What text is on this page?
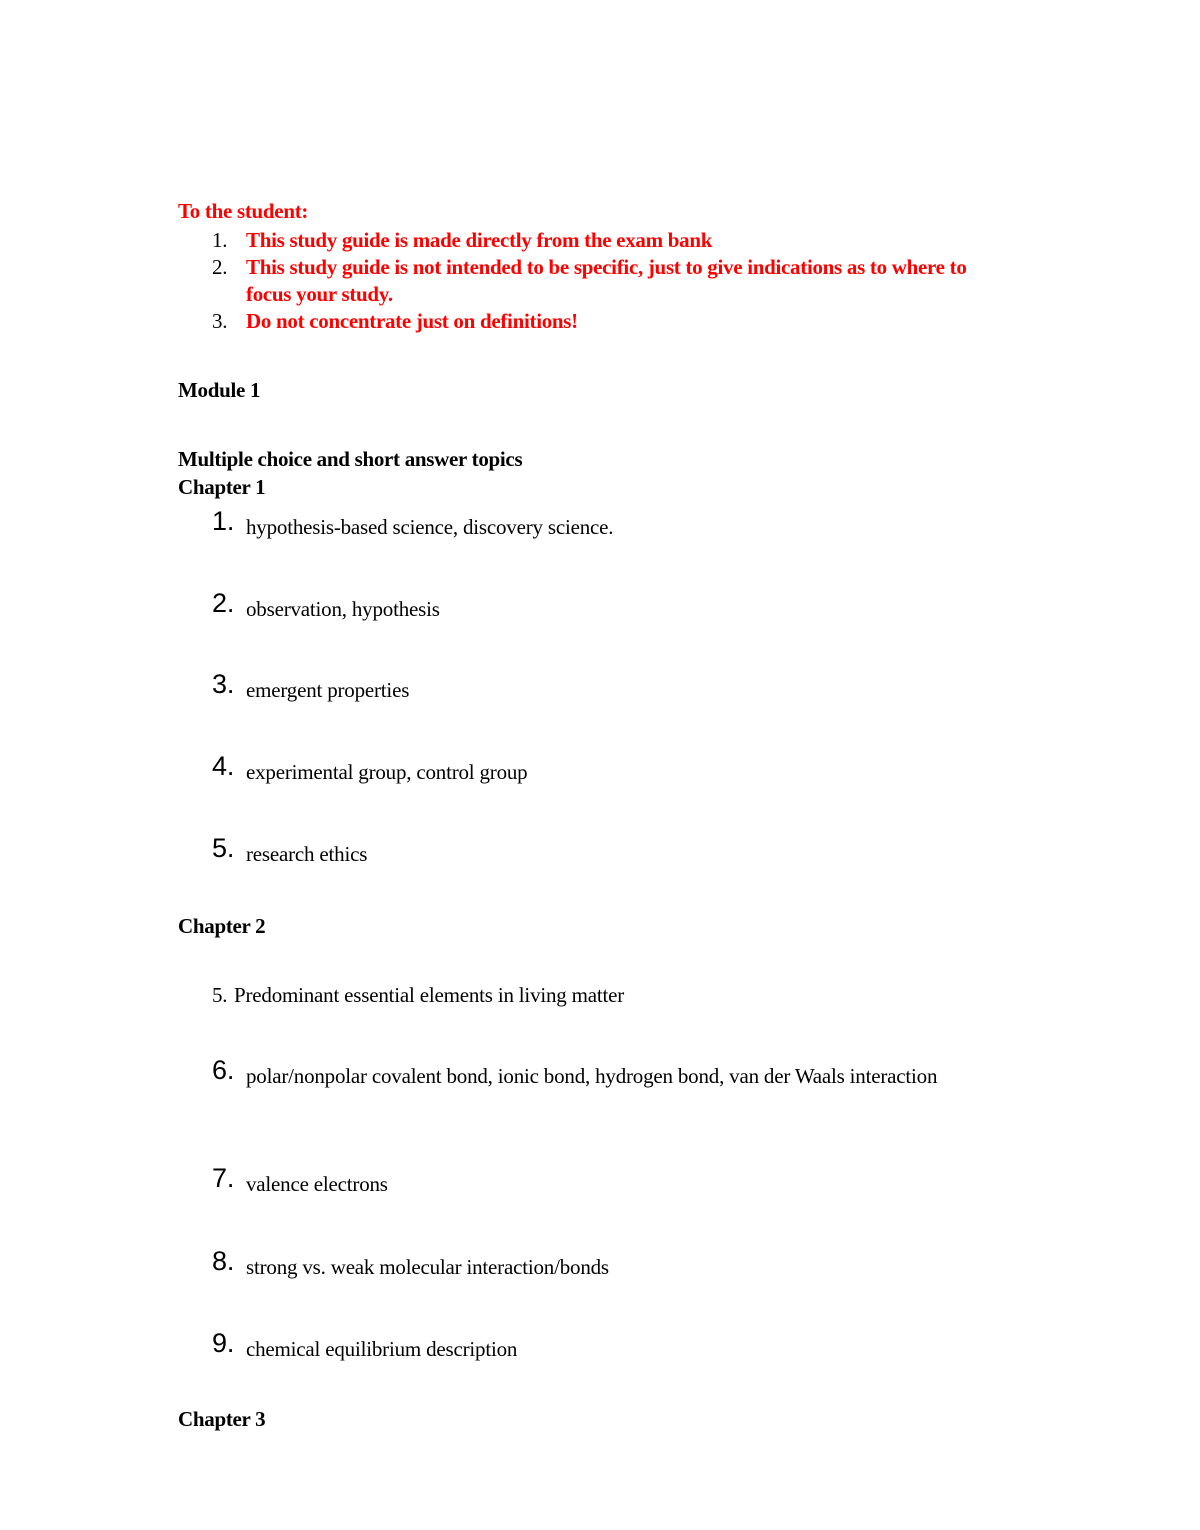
To the student:
1. This study guide is made directly from the exam bank
2. This study guide is not intended to be specific, just to give indications as to where to focus your study.
3. Do not concentrate just on definitions!
Module 1
Multiple choice and short answer topics
Chapter 1
1. hypothesis-based science, discovery science.
2. observation, hypothesis
3. emergent properties
4. experimental group, control group
5. research ethics
Chapter 2
5. Predominant essential elements in living matter
6. polar/nonpolar covalent bond, ionic bond, hydrogen bond, van der Waals interaction
7. valence electrons
8. strong vs. weak molecular interaction/bonds
9. chemical equilibrium description
Chapter 3
